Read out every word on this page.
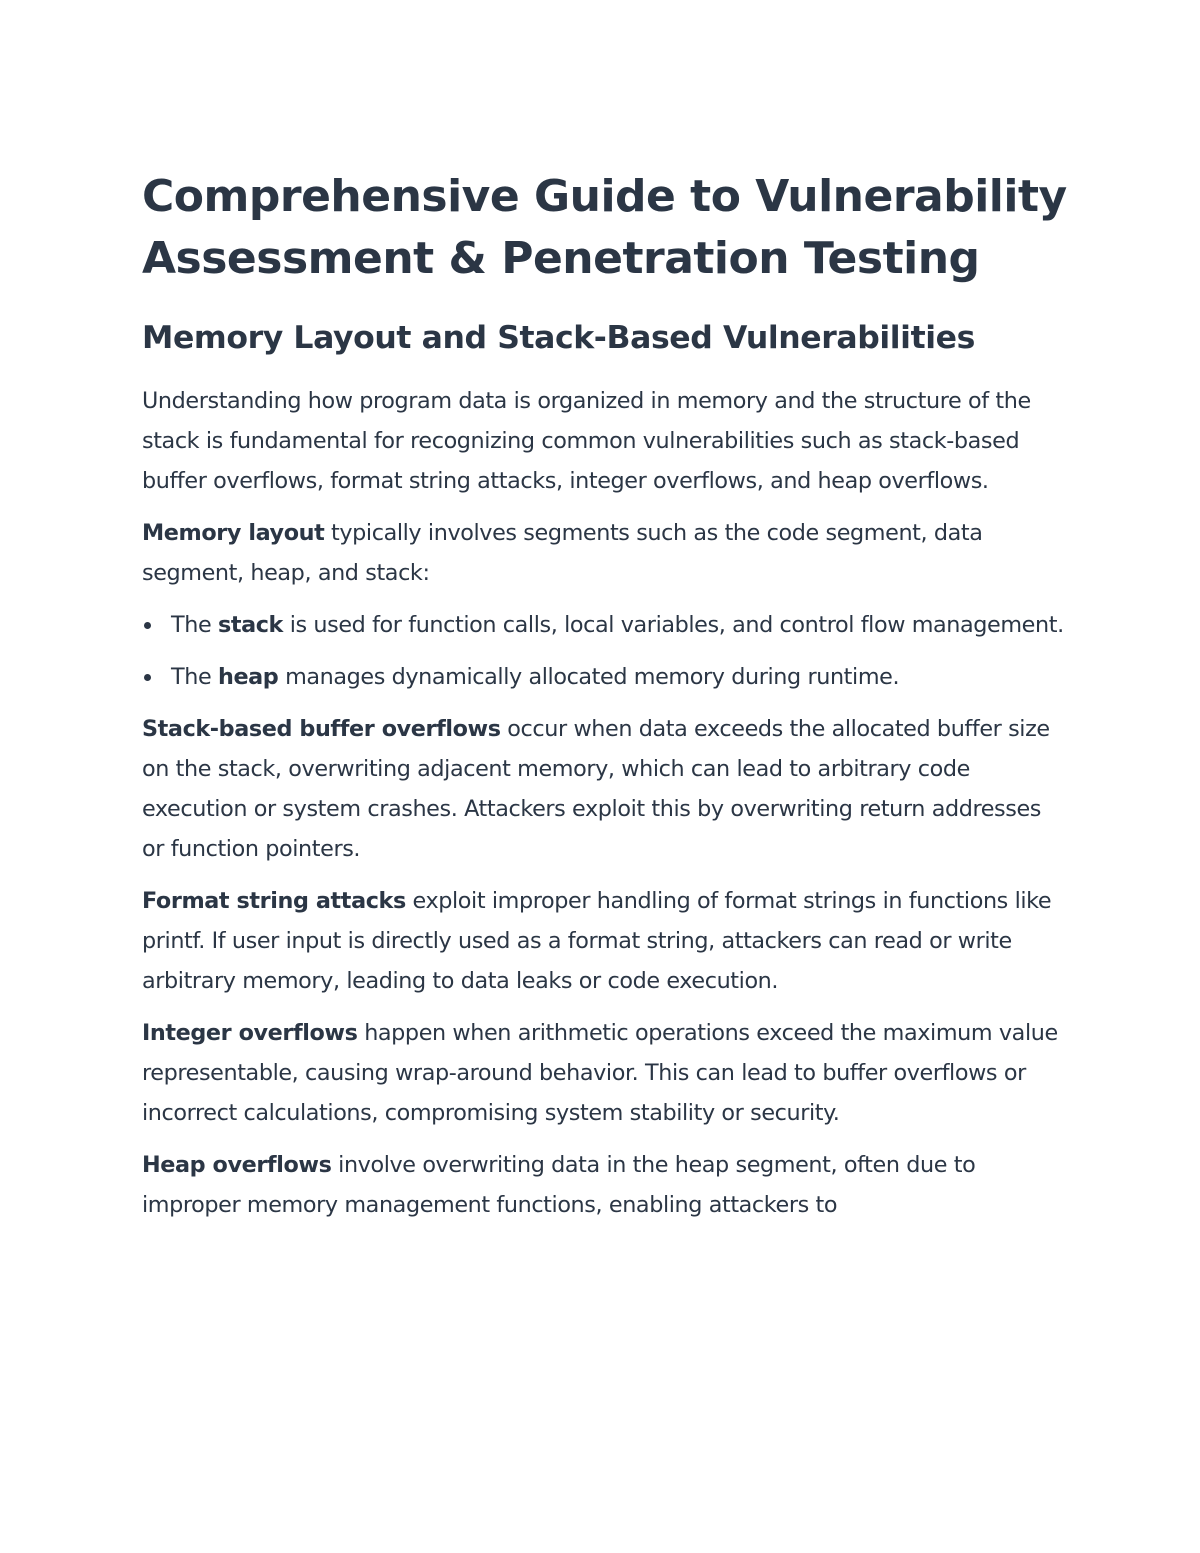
Comprehensive Guide to Vulnerability Assessment & Penetration Testing
Memory Layout and Stack-Based Vulnerabilities

Understanding how program data is organized in memory and the structure of the stack is fundamental for recognizing common vulnerabilities such as stack-based buffer overflows, format string attacks, integer overflows, and heap overflows.

Memory layout typically involves segments such as the code segment, data segment, heap, and stack:

The stack is used for function calls, local variables, and control flow management.
The heap manages dynamically allocated memory during runtime.

Stack-based buffer overflows occur when data exceeds the allocated buffer size on the stack, overwriting adjacent memory, which can lead to arbitrary code execution or system crashes. Attackers exploit this by overwriting return addresses or function pointers.

Format string attacks exploit improper handling of format strings in functions like printf. If user input is directly used as a format string, attackers can read or write arbitrary memory, leading to data leaks or code execution.

Integer overflows happen when arithmetic operations exceed the maximum value representable, causing wrap-around behavior. This can lead to buffer overflows or incorrect calculations, compromising system stability or security.

Heap overflows involve overwriting data in the heap segment, often due to improper memory management functions, enabling attackers to
